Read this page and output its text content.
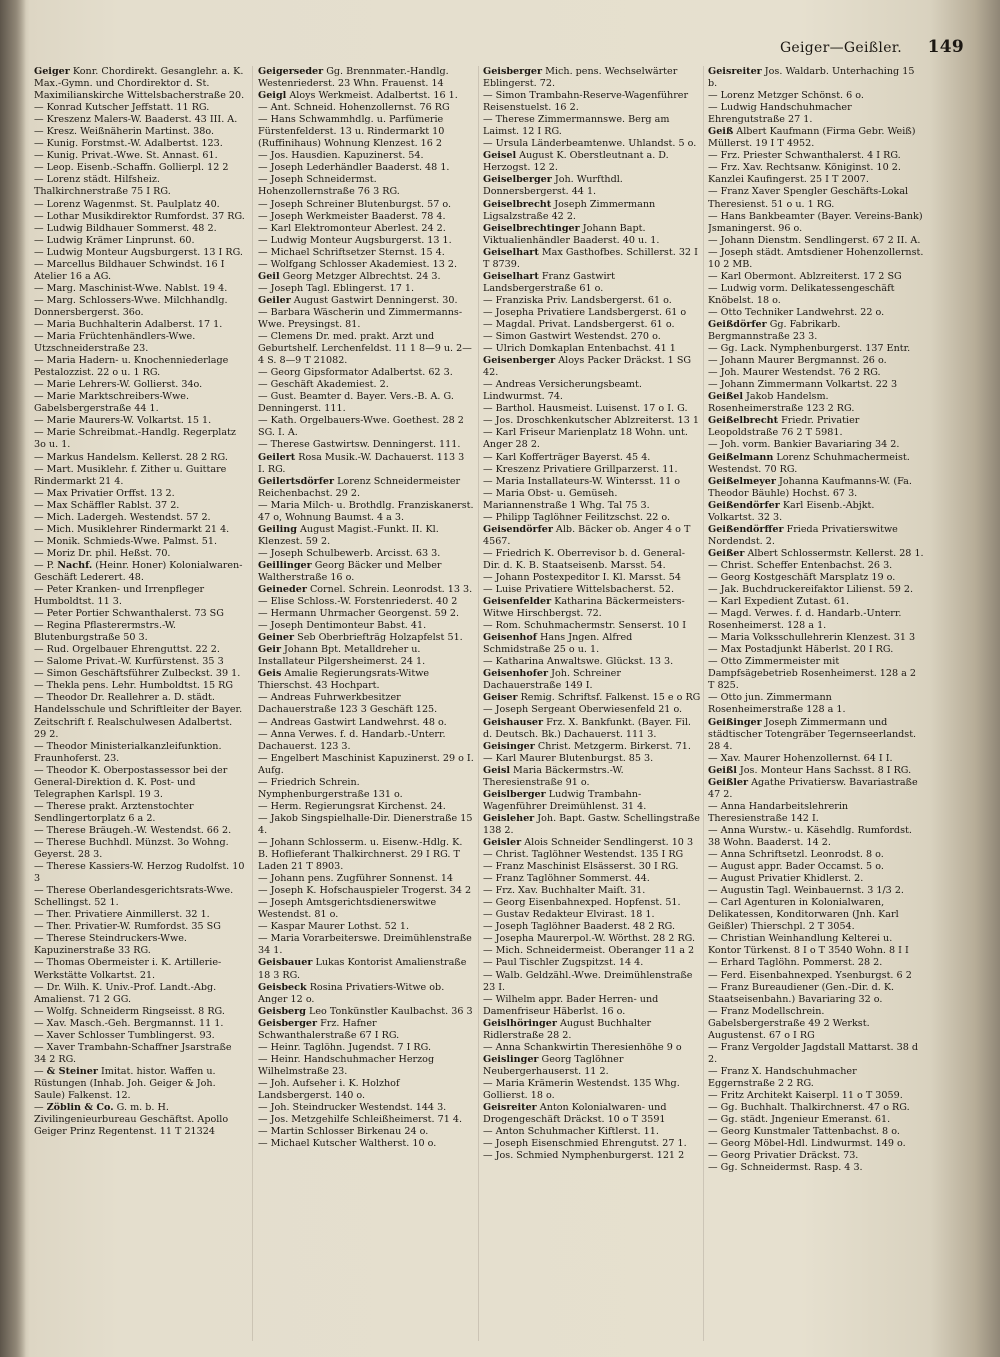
Geiger—Geißler. 149

Geiger Konr. Chordirekt. Gesanglehr. a. K. Max.-Gymn. und Chordirektor d. St. Maximilianskirche Wittelsbacherstraße 20.

— Konrad Kutscher Jeffstatt. 11 RG.

— Kreszenz Malers-W. Baaderst. 43 III. A.

— Kresz. Weißnäherin Martinst. 38o.

— Kunig. Forstmst.-W. Adalbertst. 123.

— Kunig. Privat.-Wwe. St. Annast. 61.

— Leop. Eisenb.-Schaffn. Gollierpl. 12 2

— Lorenz städt. Hilfsheiz. Thalkirchnerstraße 75 I RG.

— Lorenz Wagenmst. St. Paulplatz 40.

— Lothar Musikdirektor Rumfordst. 37 RG.

— Ludwig Bildhauer Sommerst. 48 2.

— Ludwig Krämer Linprunst. 60.

— Ludwig Monteur Augsburgerst. 13 I RG.

— Marcellus Bildhauer Schwindst. 16 I Atelier 16 a AG.

— Marg. Maschinist-Wwe. Nablst. 19 4.

— Marg. Schlossers-Wwe. Milchhandlg. Donnersbergerst. 36o.

— Maria Buchhalterin Adalberst. 17 1.

— Maria Früchtenhändlers-Wwe. Utzschneiderstraße 23.

— Maria Hadern- u. Knochenniederlage Pestalozzist. 22 o u. 1 RG.

— Marie Lehrers-W. Gollierst. 34o.

— Marie Marktschreibers-Wwe. Gabelsbergerstraße 44 1.

— Marie Maurers-W. Volkartst. 15 1.

— Marie Schreibmat.-Handlg. Regerplatz 3o u. 1.

— Markus Handelsm. Kellerst. 28 2 RG.

— Mart. Musiklehr. f. Zither u. Guittare Rindermarkt 21 4.

— Max Privatier Orffst. 13 2.

— Max Schäffler Rablst. 37 2.

— Mich. Ladergeh. Westendst. 57 2.

— Mich. Musiklehrer Rindermarkt 21 4.

— Monik. Schmieds-Wwe. Palmst. 51.

— Moriz Dr. phil. Heßst. 70.

— P. Nachf. (Heinr. Honer) Kolonialwaren-Geschäft Lederert. 48.

— Peter Kranken- und Irrenpfleger Humboldtst. 11 3.

— Peter Portier Schwanthalerst. 73 SG

— Regina Pflasterermstrs.-W. Blutenburgstraße 50 3.

— Rud. Orgelbauer Ehrenguttst. 22 2.

— Salome Privat.-W. Kurfürstenst. 35 3

— Simon Geschäftsführer Zulbeckst. 39 1.

— Thekla pens. Lehr. Humboldtst. 15 RG

— Theodor Dr. Reallehrer a. D. städt. Handelsschule und Schriftleiter der Bayer. Zeitschrift f. Realschulwesen Adalbertst. 29 2.

— Theodor Ministerialkanzleifunktion. Fraunhoferst. 23.

— Theodor K. Oberpostassessor bei der General-Direktion d. K. Post- und Telegraphen Karlspl. 19 3.

— Therese prakt. Arztenstochter Sendlingertorplatz 6 a 2.

— Therese Bräugeh.-W. Westendst. 66 2.

— Therese Buchhdl. Münzst. 3o Wohng. Geyerst. 28 3.

— Therese Kassiers-W. Herzog Rudolfst. 10 3

— Therese Oberlandesgerichtsrats-Wwe. Schellingst. 52 1.

— Ther. Privatiere Ainmillerst. 32 1.

— Ther. Privatier-W. Rumfordst. 35 SG

— Therese Steindruckers-Wwe. Kapuzinerstraße 33 RG.

— Thomas Obermeister i. K. Artillerie-Werkstätte Volkartst. 21.

— Dr. Wilh. K. Univ.-Prof. Landt.-Abg. Amalienst. 71 2 GG.

— Wolfg. Schneiderm Ringseisst. 8 RG.

— Xav. Masch.-Geh. Bergmannst. 11 1.

— Xaver Schlosser Tumblingerst. 93.

— Xaver Trambahn-Schaffner Jsarstraße 34 2 RG.

— & Steiner Imitat. histor. Waffen u. Rüstungen (Inhab. Joh. Geiger & Joh. Saule) Falkenst. 12.

— Zöblin & Co. G. m. b. H. Zivilingenieurbureau Geschäftst. Apollo Geiger Prinz Regentenst. 11 T 21324

Geigerseder Gg. Brennmater.-Handlg. Westenriederst. 23 Whn. Frauenst. 14

Geigl Aloys Werkmeist. Adalbertst. 16 1.

— Ant. Schneid. Hohenzollernst. 76 RG

— Hans Schwammhdlg. u. Parfümerie Fürstenfelderst. 13 u. Rindermarkt 10 (Ruffinihaus) Wohnung Klenzest. 16 2

— Jos. Hausdien. Kapuzinerst. 54.

— Joseph Lederhändler Baaderst. 48 1.

— Joseph Schneidermst. Hohenzollernstraße 76 3 RG.

— Joseph Schreiner Blutenburgst. 57 o.

— Joseph Werkmeister Baaderst. 78 4.

— Karl Elektromonteur Aberlest. 24 2.

— Ludwig Monteur Augsburgerst. 13 1.

— Michael Schriftsetzer Sternst. 15 4.

— Wolfgang Schlosser Akademiest. 13 2.

Geil Georg Metzger Albrechtst. 24 3.

— Joseph Tagl. Eblingerst. 17 1.

Geiler August Gastwirt Denningerst. 30.

— Barbara Wäscherin und Zimmermanns-Wwe. Preysingst. 81.

— Clemens Dr. med. prakt. Arzt und Geburtshelf. Lerchenfeldst. 11 1 8—9 u. 2—4 S. 8—9 T 21082.

— Georg Gipsformator Adalbertst. 62 3.

— Geschäft Akademiest. 2.

— Gust. Beamter d. Bayer. Vers.-B. A. G. Denningerst. 111.

— Kath. Orgelbauers-Wwe. Goethest. 28 2 SG. I. A.

— Therese Gastwirtsw. Denningerst. 111.

Geilert Rosa Musik.-W. Dachauerst. 113 3 I. RG.

Geilertsdörfer Lorenz Schneidermeister Reichenbachst. 29 2.

— Maria Milch- u. Brothdlg. Franziskanerst. 47 o, Wohnung Baumst. 4 a 3.

Geiling August Magist.-Funkt. II. Kl. Klenzest. 59 2.

— Joseph Schulbewerb. Arcisst. 63 3.

Geillinger Georg Bäcker und Melber Waltherstraße 16 o.

Geineder Cornel. Schrein. Leonrodst. 13 3.

— Elise Schloss.-W. Forstenriederst. 40 2

— Hermann Uhrmacher Georgenst. 59 2.

— Joseph Dentimonteur Babst. 41.

Geiner Seb Oberbriefträg Holzapfelst 51.

Geir Johann Bpt. Metalldreher u. Installateur Pilgersheimerst. 24 1.

Geis Amalie Regierungsrats-Witwe Thierschst. 43 Hochpart.

— Andreas Fuhrwerkbesitzer Dachauerstraße 123 3 Geschäft 125.

— Andreas Gastwirt Landwehrst. 48 o.

— Anna Verwes. f. d. Handarb.-Unterr. Dachauerst. 123 3.

— Engelbert Maschinist Kapuzinerst. 29 o I. Aufg.

— Friedrich Schrein. Nymphenburgerstraße 131 o.

— Herm. Regierungsrat Kirchenst. 24.

— Jakob Singspielhalle-Dir. Dienerstraße 15 4.

— Johann Schlosserm. u. Eisenw.-Hdlg. K. B. Hoflieferant Thalkirchnerst. 29 I RG. T Laden 21 T 8903.

— Johann pens. Zugführer Sonnenst. 14

— Joseph K. Hofschauspieler Trogerst. 34 2

— Joseph Amtsgerichtsdienerswitwe Westendst. 81 o.

— Kaspar Maurer Lothst. 52 1.

— Maria Vorarbeiterswe. Dreimühlenstraße 34 1.

Geisbauer Lukas Kontorist Amalienstraße 18 3 RG.

Geisbeck Rosina Privatiers-Witwe ob. Anger 12 o.

Geisberg Leo Tonkünstler Kaulbachst. 36 3

Geisberger Frz. Hafner Schwanthalerstraße 67 I RG.

— Heinr. Taglöhn. Jugendst. 7 I RG.

— Heinr. Handschuhmacher Herzog Wilhelmstraße 23.

— Joh. Aufseher i. K. Holzhof Landsbergerst. 140 o.

— Joh. Steindrucker Westendst. 144 3.

— Jos. Metzgehilfe Schleißheimerst. 71 4.

— Martin Schlosser Birkenau 24 o.

— Michael Kutscher Waltherst. 10 o.

Geisberger Mich. pens. Wechselwärter Eblingerst. 72.

— Simon Trambahn-Reserve-Wagenführer Reisenstuelst. 16 2.

— Therese Zimmermannswe. Berg am Laimst. 12 I RG.

— Ursula Länderbeamtenwe. Uhlandst. 5 o.

Geisel August K. Oberstleutnant a. D. Herzogst. 12 2.

Geiselberger Joh. Wurfthdl. Donnersbergerst. 44 1.

Geiselbrecht Joseph Zimmermann Ligsalzstraße 42 2.

Geiselbrechtinger Johann Bapt. Viktualienhändler Baaderst. 40 u. 1.

Geiselhart Max Gasthofbes. Schillerst. 32 I T 8739.

Geiselhart Franz Gastwirt Landsbergerstraße 61 o.

— Franziska Priv. Landsbergerst. 61 o.

— Josepha Privatiere Landsbergerst. 61 o

— Magdal. Privat. Landsbergerst. 61 o.

— Simon Gastwirt Westendst. 270 o.

— Ulrich Domkaplan Entenbachst. 41 1

Geisenberger Aloys Packer Dräckst. 1 SG 42.

— Andreas Versicherungsbeamt. Lindwurmst. 74.

— Barthol. Hausmeist. Luisenst. 17 o I. G.

— Jos. Droschkenkutscher Ablzreiterst. 13 1

— Karl Friseur Marienplatz 18 Wohn. unt. Anger 28 2.

— Karl Kofferträger Bayerst. 45 4.

— Kreszenz Privatiere Grillparzerst. 11.

— Maria Installateurs-W. Wintersst. 11 o

— Maria Obst- u. Gemüseh. Mariannenstraße 1 Whg. Tal 75 3.

— Philipp Taglöhner Feilitzschst. 22 o.

Geisendörfer Alb. Bäcker ob. Anger 4 o T 4567.

— Friedrich K. Oberrevisor b. d. General-Dir. d. K. B. Staatseisenb. Marsst. 54.

— Johann Postexpeditor I. Kl. Marsst. 54

— Luise Privatiere Wittelsbacherst. 52.

Geisenfelder Katharina Bäckermeisters-Witwe Hirschbergst. 72.

— Rom. Schuhmachermstr. Senserst. 10 I

Geisenhof Hans Jngen. Alfred Schmidstraße 25 o u. 1.

— Katharina Anwaltswe. Glückst. 13 3.

Geisenhofer Joh. Schreiner Dachauerstraße 149 I.

Geiser Remig. Schriftsf. Falkenst. 15 e o RG

— Joseph Sergeant Oberwiesenfeld 21 o.

Geishauser Frz. X. Bankfunkt. (Bayer. Fil. d. Deutsch. Bk.) Dachauerst. 111 3.

Geisinger Christ. Metzgerm. Birkerst. 71.

— Karl Maurer Blutenburgst. 85 3.

Geisl Maria Bäckermstrs.-W. Theresienstraße 91 o.

Geislberger Ludwig Trambahn-Wagenführer Dreimühlenst. 31 4.

Geisleher Joh. Bapt. Gastw. Schellingstraße 138 2.

Geisler Alois Schneider Sendlingerst. 10 3

— Christ. Taglöhner Westendst. 135 I RG

— Franz Maschinist Elsässerst. 30 I RG.

— Franz Taglöhner Sommerst. 44.

— Frz. Xav. Buchhalter Maiſt. 31.

— Georg Eisenbahnexped. Hopfenst. 51.

— Gustav Redakteur Elvirast. 18 1.

— Joseph Taglöhner Baaderst. 48 2 RG.

— Josepha Maurerpol.-W. Wörthst. 28 2 RG.

— Mich. Schneidermeist. Oberanger 11 a 2

— Paul Tischler Zugspitzst. 14 4.

— Walb. Geldzähl.-Wwe. Dreimühlenstraße 23 I.

— Wilhelm appr. Bader Herren- und Damenfriseur Häberlst. 16 o.

Geislhöringer August Buchhalter Ridlerstraße 28 2.

— Anna Schankwirtin Theresienhöhe 9 o

Geislinger Georg Taglöhner Neubergerhauserst. 11 2.

— Maria Krämerin Westendst. 135 Whg. Gollierst. 18 o.

Geisreiter Anton Kolonialwaren- und Drogengeschäft Dräckst. 10 o T 3591

— Anton Schuhmacher Kiftlerst. 11.

— Joseph Eisenschmied Ehrengutst. 27 1.

— Jos. Schmied Nymphenburgerst. 121 2

Geisreiter Jos. Waldarb. Unterhaching 15 b.

— Lorenz Metzger Schönst. 6 o.

— Ludwig Handschuhmacher Ehrengutstraße 27 1.

Geiß Albert Kaufmann (Firma Gebr. Weiß) Müllerst. 19 I T 4952.

— Frz. Priester Schwanthalerst. 4 I RG.

— Frz. Xav. Rechtsanw. Königinst. 10 2. Kanzlei Kaufingerst. 25 I T 2007.

— Franz Xaver Spengler Geschäfts-Lokal Theresienst. 51 o u. 1 RG.

— Hans Bankbeamter (Bayer. Vereins-Bank) Jsmaningerst. 96 o.

— Johann Dienstm. Sendlingerst. 67 2 II. A.

— Joseph städt. Amtsdiener Hohenzollernst. 10 2 MB.

— Karl Obermont. Ablzreiterst. 17 2 SG

— Ludwig vorm. Delikatessengeschäft Knöbelst. 18 o.

— Otto Techniker Landwehrst. 22 o.

Geißdörfer Gg. Fabrikarb. Bergmannstraße 23 3.

— Gg. Lack. Nymphenburgerst. 137 Entr.

— Johann Maurer Bergmannst. 26 o.

— Joh. Maurer Westendst. 76 2 RG.

— Johann Zimmermann Volkartst. 22 3

Geißel Jakob Handelsm. Rosenheimerstraße 123 2 RG.

Geißelbrecht Friedr. Privatier Leopoldstraße 76 2 T 5981.

— Joh. vorm. Bankier Bavariaring 34 2.

Geißelmann Lorenz Schuhmachermeist. Westendst. 70 RG.

Geißelmeyer Johanna Kaufmanns-W. (Fa. Theodor Bäuhle) Hochst. 67 3.

Geißendörfer Karl Eisenb.-Abjkt. Volkartst. 32 3.

Geißendörffer Frieda Privatierswitwe Nordendst. 2.

Geißer Albert Schlossermstr. Kellerst. 28 1.

— Christ. Scheffer Entenbachst. 26 3.

— Georg Kostgeschäft Marsplatz 19 o.

— Jak. Buchdruckereifaktor Lilienst. 59 2.

— Karl Expedient Zutast. 61.

— Magd. Verwes. f. d. Handarb.-Unterr. Rosenheimerst. 128 a 1.

— Maria Volksschullehrerin Klenzest. 31 3

— Max Postadjunkt Häberlst. 20 I RG.

— Otto Zimmermeister mit Dampfsägebetrieb Rosenheimerst. 128 a 2 T 825.

— Otto jun. Zimmermann Rosenheimerstraße 128 a 1.

Geißinger Joseph Zimmermann und städtischer Totengräber Tegernseerlandst. 28 4.

— Xav. Maurer Hohenzollernst. 64 I I.

Geißl Jos. Monteur Hans Sachsst. 8 I RG.

Geißler Agathe Privatiersw. Bavariastraße 47 2.

— Anna Handarbeitslehrerin Theresienstraße 142 I.

— Anna Wurstw.- u. Käsehdlg. Rumfordst. 38 Wohn. Baaderst. 14 2.

— Anna Schriftsetzl. Leonrodst. 8 o.

— August appr. Bader Occamst. 5 o.

— August Privatier Khidlerst. 2.

— Augustin Tagl. Weinbauernst. 3 1/3 2.

— Carl Agenturen in Kolonialwaren, Delikatessen, Konditorwaren (Jnh. Karl Geißler) Thierschpl. 2 T 3054.

— Christian Weinhandlung Kelterei u. Kontor Türkenst. 8 I o T 3540 Wohn. 8 I I

— Erhard Taglöhn. Pommerst. 28 2.

— Ferd. Eisenbahnexped. Ysenburgst. 6 2

— Franz Bureaudiener (Gen.-Dir. d. K. Staatseisenbahn.) Bavariaring 32 o.

— Franz Modellschrein. Gabelsbergerstraße 49 2 Werkst. Augustenst. 67 o I RG

— Franz Vergolder Jagdstall Mattarst. 38 d 2.

— Franz X. Handschuhmacher Eggernstraße 2 2 RG.

— Fritz Architekt Kaiserpl. 11 o T 3059.

— Gg. Buchhalt. Thalkirchnerst. 47 o RG.

— Gg. städt. Jngenieur Emeranst. 61.

— Georg Kunstmaler Tattenbachst. 8 o.

— Georg Möbel-Hdl. Lindwurmst. 149 o.

— Georg Privatier Dräckst. 73.

— Gg. Schneidermst. Rasp. 4 3.
